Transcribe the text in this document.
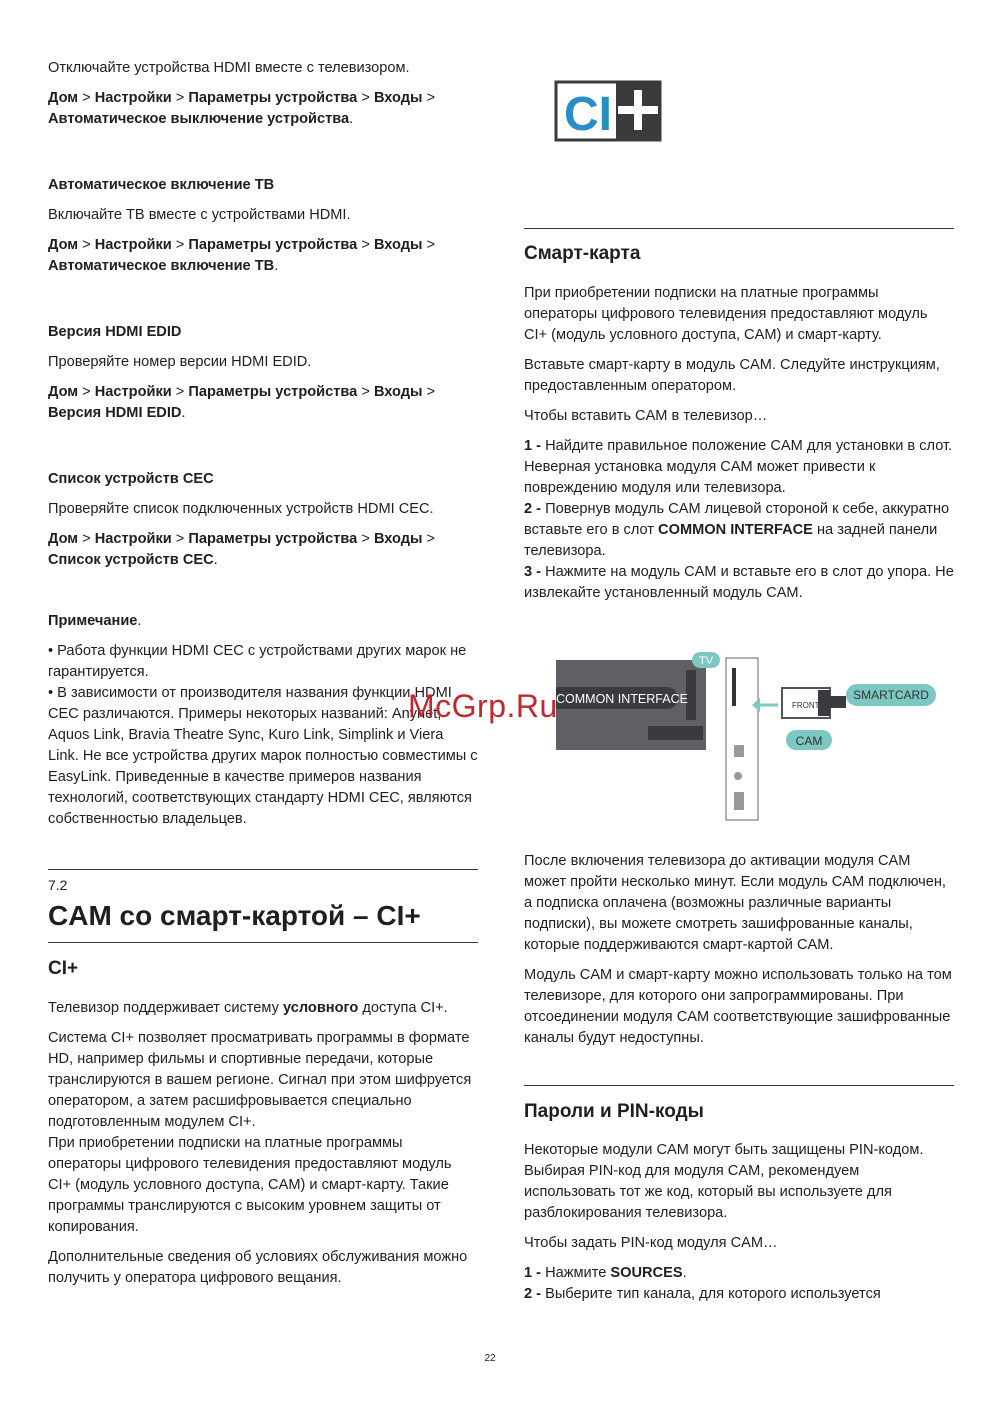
Отключайте устройства HDMI вместе с телевизором.

Дом > Настройки > Параметры устройства > Входы >
Автоматическое выключение устройства.

Автоматическое включение ТВ

Включайте ТВ вместе с устройствами HDMI.

Дом > Настройки > Параметры устройства > Входы >
Автоматическое включение ТВ.

Версия HDMI EDID

Проверяйте номер версии HDMI EDID.

Дом > Настройки > Параметры устройства > Входы >
Версия HDMI EDID.

Список устройств CEC

Проверяйте список подключенных устройств HDMI CEC.

Дом > Настройки > Параметры устройства > Входы >
Список устройств CEC.

Примечание.

• Работа функции HDMI CEC с устройствами других марок не гарантируется.

• В зависимости от производителя названия функции HDMI CEC различаются. Примеры некоторых названий: Anynet, Aquos Link, Bravia Theatre Sync, Kuro Link, Simplink и Viera Link. Не все устройства других марок полностью совместимы с EasyLink. Приведенные в качестве примеров названия технологий, соответствующих стандарту HDMI CEC, являются собственностью владельцев.

7.2
CAM со смарт-картой – CI+
CI+

Телевизор поддерживает систему условного доступа CI+.

Система CI+ позволяет просматривать программы в формате HD, например фильмы и спортивные передачи, которые транслируются в вашем регионе. Сигнал при этом шифруется оператором, а затем расшифровывается специально подготовленным модулем CI+.

При приобретении подписки на платные программы операторы цифрового телевидения предоставляют модуль CI+ (модуль условного доступа, CAM) и смарт-карту. Такие программы транслируются с высоким уровнем защиты от копирования.

Дополнительные сведения об условиях обслуживания можно получить у оператора цифрового вещания.

CI
Смарт-карта

При приобретении подписки на платные программы операторы цифрового телевидения предоставляют модуль CI+ (модуль условного доступа, CAM) и смарт-карту.

Вставьте смарт-карту в модуль CAM. Следуйте инструкциям, предоставленным оператором.

Чтобы вставить CAM в телевизор…

1 - Найдите правильное положение CAM для установки в слот. Неверная установка модуля CAM может привести к повреждению модуля или телевизора.

2 - Повернув модуль CAM лицевой стороной к себе, аккуратно вставьте его в слот COMMON INTERFACE на задней панели телевизора.

3 - Нажмите на модуль CAM и вставьте его в слот до упора. Не извлекайте установленный модуль CAM.

TV
COMMON INTERFACE	FRONT
SMARTCARD
CAM

После включения телевизора до активации модуля CAM может пройти несколько минут. Если модуль CAM подключен, а подписка оплачена (возможны различные варианты подписки), вы можете смотреть зашифрованные каналы, которые поддерживаются смарт-картой CAM.

Модуль CAM и смарт-карту можно использовать только на том телевизоре, для которого они запрограммированы. При отсоединении модуля CAM соответствующие зашифрованные каналы будут недоступны.

Пароли и PIN-коды

Некоторые модули CAM могут быть защищены PIN-кодом. Выбирая PIN-код для модуля CAM, рекомендуем использовать тот же код, который вы используете для разблокирования телевизора.

Чтобы задать PIN-код модуля CAM…

1 - Нажмите SOURCES.

2 - Выберите тип канала, для которого используется

McGrp.Ru
22
